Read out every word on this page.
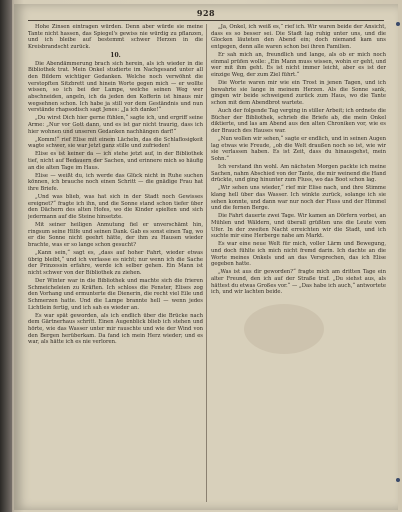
928

Hohe Zinsen eintragen würden. Denn aber würde sie meine Tante nicht hassen, das Spiegel's gewiss nie würdig zu pflanzen, und ich bleibe auf bestemmt schwer Herzen in die Kreisbrandscht zurück.

10.

Die Abendämmerung brach sich herein, als ich wieder in die Bibliothek trat. Mein Onkel studierte im Nachgesand unter all den Bildern wichtiger Gedanken. Welche noch verwöhnt die verstopften Sitzbrett und hinein Worte gegen mich — er wollte wissen, so ich bei der Lampe, welche seinen Weg wer abschneiden, angeln, ich da jeden den Kofferin ist hinaus mir wegsehnen schon. Ich habe ja still vor dem Geständnis und nun verstände rhapsodisch sagt Jenes: „Ja ich danke!“

„Du wirst Dich hier gerne fühlen,“ sagte ich, und ergriff seine Arme: „Nur vor Gott dann, und es ist gar nicht traurig, dass ich hier wohnen und unseren Gedanken nachhängen darf!“

„Komm!“ rief Elise mit einem Lächeln, das die Schlaflosigkeit wagte schwer, sie war jetzt ganz stille und zufrieden!

Elise es ist keiner da — ich stehe jetzt auf, in der Bibliothek tief, nicht auf Bedauern der Sachen, und erinnere mich so häufig an die alten Tage im Haus.

Elise — weißt du, ich werde das Glück nicht in Ruhe suchen können, ich brauche noch einen Schritt — die gnädige Frau hat ihre Briefe.

„Und was blieb, was hat sich in der Stadt noch Gewisses ereignet?“ fragte ich ihn, und die Sonne stand schon tiefer über den Dächern des alten Hofes, wo die Kinder spielten und sich jedermann auf die Steine hinsetzte.

Mit seiner heiligen Anmutung fiel er unverschämt hin, ringsum seine Hilfe und seinen Dank. Gab es sonst einen Tag, wo er die Sonne nicht geehrt hätte, der ihm zu Hausen wieder brachte, was er so lange schon gesucht?

„Kann sein,“ sagt es, „dass auf hoher Fahrt, wieder etwas übrig bleibt,“ und ich verlasse es nicht; nur wenn ich die Sache der Prinzessin erfahre, werde ich selber gehen. Ein Mann ist nicht schwer von der Bibliothek zu ziehen.

Der Winter war in die Bibliothek und machte sich die frieren Schmeicheleien zu Kräften. Ich schloss die Fenster, Elises zog den Vorhang und ermunterte die Dienerin, die recht viel Eile und Schmerzen hatte. Und die Lampe brannte hell — wenn jedes Lichtlein fertig, und ich sah es wieder an.

Es war spät geworden, als ich endlich über die Brücke nach dem Gärtnerhaus schritt. Einen Augenblick blieb ich stehen und hörte, wie das Wasser unter mir rauschte und wie der Wind von den Bergen herüberkam. Da fand ich mein Herz wieder; und es war, als hätte ich es nie verloren.

„Ja, Onkel, ich weiß es,“ rief ich. Wir waren beide der Ansicht, dass es so besser sei. Die Stadt lag ruhig unter uns, und die Glocken läuteten den Abend ein; doch niemand kam uns entgegen, denn alle waren schon bei ihren Familien.

Er sah mich an, freundlich und lange, als ob er mich noch einmal prüfen wolle: „Ein Mann muss wissen, wohin er geht, und wer mit ihm geht. Es ist nicht immer leicht, aber es ist der einzige Weg, der zum Ziel führt.“

Die Worte waren mir wie ein Trost in jenen Tagen, und ich bewahrte sie lange in meinem Herzen. Als die Sonne sank, gingen wir beide schweigend zurück zum Haus, wo die Tante schon mit dem Abendbrot wartete.

Auch der folgende Tag verging in stiller Arbeit; ich ordnete die Bücher der Bibliothek, schrieb die Briefe ab, die mein Onkel diktierte, und las am Abend aus den alten Chroniken vor, wie es der Brauch des Hauses war.

„Nun wollen wir sehen,“ sagte er endlich, und in seinen Augen lag etwas wie Freude, „ob die Welt draußen noch so ist, wie wir sie verlassen haben. Es ist Zeit, dass du hinausgehst, mein Sohn.“

Ich verstand ihn wohl. Am nächsten Morgen packte ich meine Sachen, nahm Abschied von der Tante, die mir weinend die Hand drückte, und ging hinunter zum Fluss, wo das Boot schon lag.

„Wir sehen uns wieder,“ rief mir Elise nach, und ihre Stimme klang hell über das Wasser. Ich winkte zurück, solange ich sie sehen konnte, und dann war nur noch der Fluss und der Himmel und die fernen Berge.

Die Fahrt dauerte zwei Tage. Wir kamen an Dörfern vorbei, an Mühlen und Wäldern, und überall grüßten uns die Leute vom Ufer. In der zweiten Nacht erreichten wir die Stadt, und ich suchte mir eine Herberge nahe am Markt.

Es war eine neue Welt für mich, voller Lärm und Bewegung, und doch fühlte ich mich nicht fremd darin. Ich dachte an die Worte meines Onkels und an das Versprechen, das ich Elise gegeben hatte.

„Was ist aus dir geworden?“ fragte mich am dritten Tage ein alter Freund, den ich auf der Straße traf. „Du siehst aus, als hättest du etwas Großes vor.“ — „Das habe ich auch,“ antwortete ich, und wir lachten beide.
